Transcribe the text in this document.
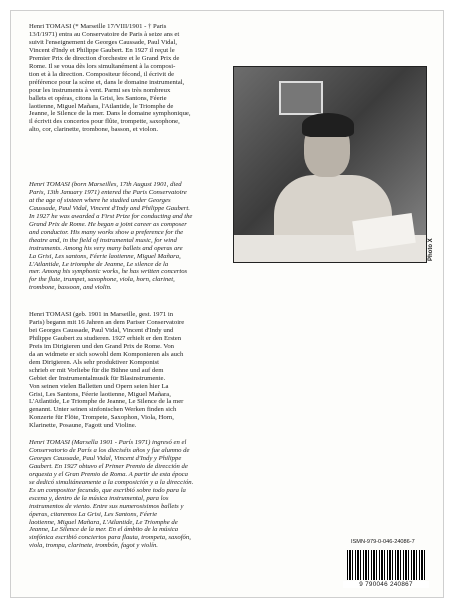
Henri TOMASI (* Marseille 17/VIII/1901 - † Paris
13/I/1971) entra au Conservatoire de Paris à seize ans et
suivit l'enseignement de Georges Caussade, Paul Vidal,
Vincent d'Indy et Philippe Gaubert. En 1927 il reçut le
Premier Prix de direction d'orchestre et le Grand Prix de
Rome. Il se voua dès lors simultanément à la composi-
tion et à la direction. Compositeur fécond, il écrivit de
préférence pour la scène et, dans le domaine instrumental,
pour les instruments à vent. Parmi ses très nombreux
ballets et opéras, citons la Grisi, les Santons, Féerie
laotienne, Miguel Mañara, l'Atlantide, le Triomphe de
Jeanne, le Silence de la mer. Dans le domaine symphonique,
il écrivit des concertos pour flûte, trompette, saxophone,
alto, cor, clarinette, trombone, basson, et violon.
Henri TOMASI (born Marseilles, 17th August 1901, died
Paris, 13th January 1971) entered the Paris Conservatoire
at the age of sixteen where he studied under Georges
Caussade, Paul Vidal, Vincent d'Indy and Philippe Gaubert.
In 1927 he was awarded a First Prize for conducting and the
Grand Prix de Rome. He began a joint career as composer
and conductor. His many works show a preference for the
theatre and, in the field of instrumental music, for wind
instruments. Among his very many ballets and operas are
La Grisi, Les santons, Féerie laotienne, Miguel Mañara,
L'Atlantide, Le triomphe de Jeanne, Le silence de la
mer. Among his symphonic works, he has written concertos
for the flute, trumpet, saxophone, viola, horn, clarinet,
trombone, bassoon, and violin.
Henri TOMASI (geb. 1901 in Marseille, gest. 1971 in
Paris) begann mit 16 Jahren an dem Pariser Conservatoire
bei Georges Caussade, Paul Vidal, Vincent d'Indy und
Philippe Gaubert zu studieren. 1927 erhielt er den Ersten
Preis im Dirigieren und den Grand Prix de Rome. Von
da an widmete er sich sowohl dem Komponieren als auch
dem Dirigieren. Als sehr produktiver Komponist
schrieb er mit Vorliebe für die Bühne und auf dem
Gebiet der Instrumentalmusik für Blasinstrumente.
Von seinen vielen Balletten und Opern seien hier La
Grisi, Les Santons, Féerie laotienne, Miguel Mañara,
L'Atlantide, Le Triomphe de Jeanne, Le Silence de la mer
genannt. Unter seinen sinfonischen Werken finden sich
Konzerte für Flöte, Trompete, Saxophon, Viola, Horn,
Klarinette, Posaune, Fagott und Violine.
Henri TOMASI (Marsella 1901 - París 1971) ingresó en el
Conservatorio de París a los dieciséis años y fue alumno de
Georges Caussade, Paul Vidal, Vincent d'Indy y Philippe
Gaubert. En 1927 obtuvo el Primer Premio de dirección de
orquesta y el Gran Premio de Roma. A partir de esta época
se dedicó simultáneamente a la composición y a la dirección.
Es un compositor fecundo, que escribió sobre todo para la
escena y, dentro de la música instrumental, para los
instrumentos de viento. Entre sus numerosisimos ballets y
óperas, citaremos La Grisi, Les Santons, Féerie
laotienne, Miguel Mañara, L'Atlantide, Le Triomphe de
Jeanne, Le Silence de la mer. En el ámbito de la música
sinfónica escribió conciertos para flauta, trompeta, saxofón,
viola, trompa, clarinete, trombón, fagot y violín.
Photo X
ISMN-979-0-046-24086-7
9 790046 240867
